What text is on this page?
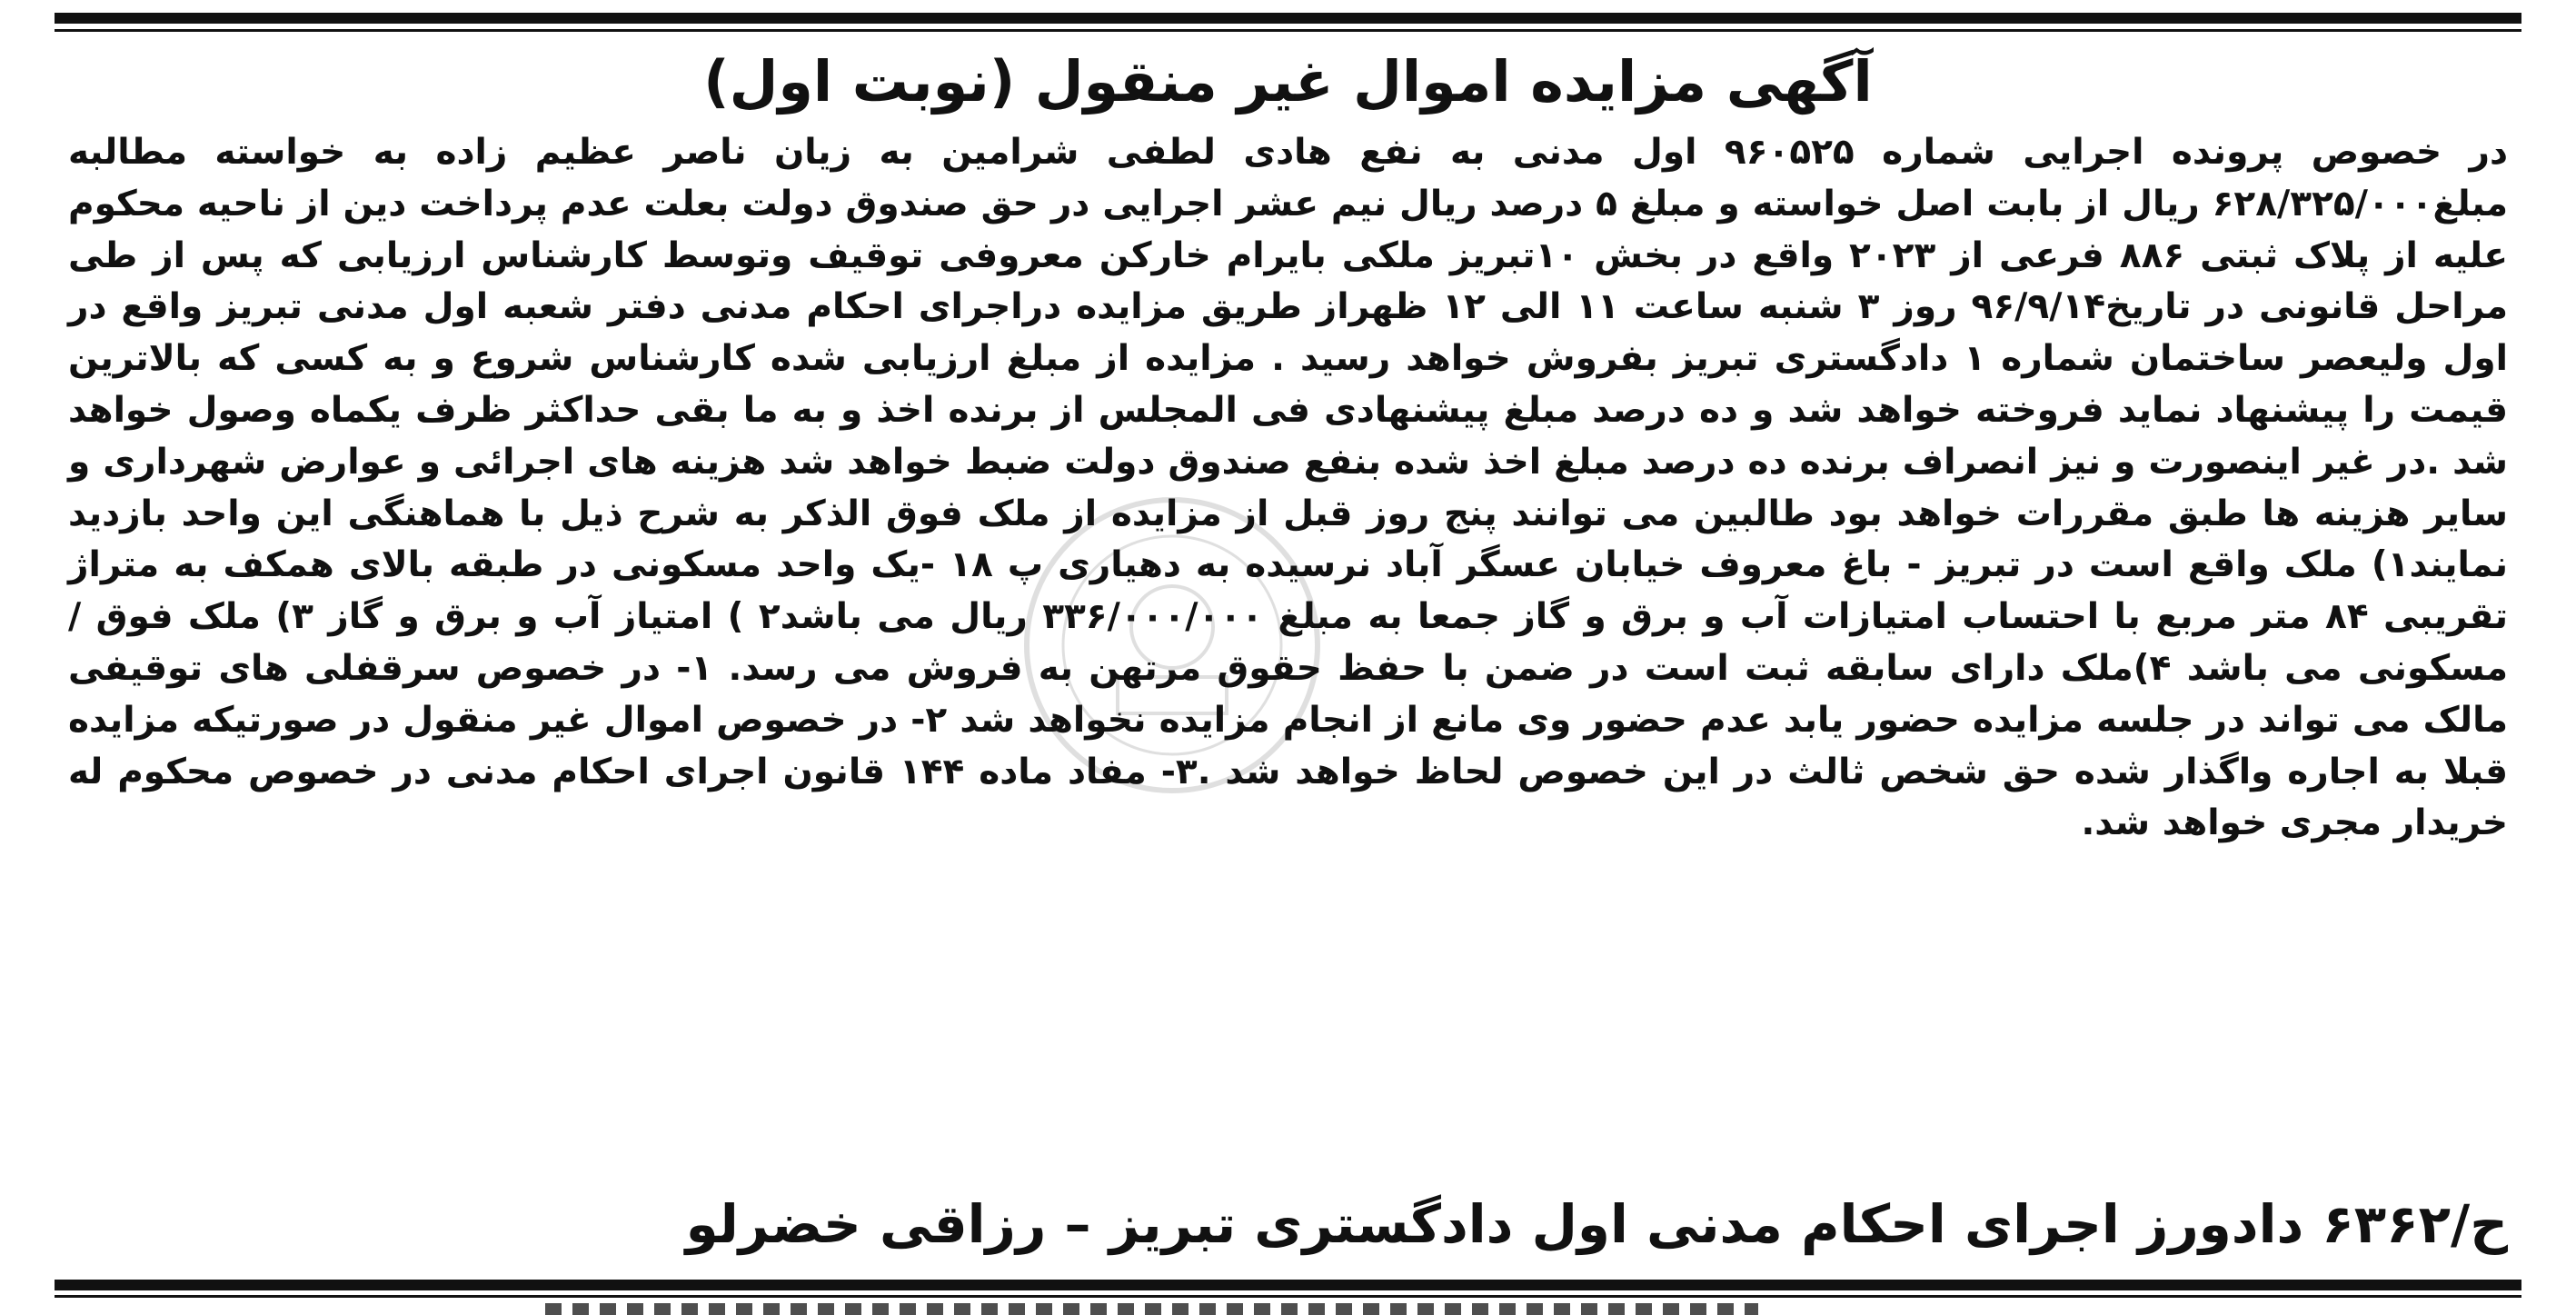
آگهی مزایده اموال غیر منقول (نوبت اول)

در خصوص پرونده اجرایی شماره ۹۶۰۵۲۵ اول مدنی به نفع هادی لطفی شرامین به زیان ناصر عظیم زاده به خواسته مطالبه مبلغ۶۲۸/۳۲۵/۰۰۰ ریال از بابت اصل خواسته و مبلغ ۵ درصد ریال نیم عشر اجرایی در حق صندوق دولت بعلت عدم پرداخت دین از ناحیه محکوم علیه از پلاک ثبتی ۸۸۶ فرعی از ۲۰۲۳ واقع در بخش ۱۰تبریز ملکی بایرام خارکن معروفی توقیف وتوسط کارشناس ارزیابی که پس از طی مراحل قانونی در تاریخ۹۶/۹/۱۴ روز ۳ شنبه ساعت ۱۱ الی ۱۲ ظهراز طریق مزایده دراجرای احکام مدنی دفتر شعبه اول مدنی تبریز واقع در اول ولیعصر ساختمان شماره ۱ دادگستری تبریز بفروش خواهد رسید . مزایده از مبلغ ارزیابی شده کارشناس شروع و به کسی که بالاترین قیمت را پیشنهاد نماید فروخته خواهد شد و ده درصد مبلغ پیشنهادی فی المجلس از برنده اخذ و به ما بقی حداکثر ظرف یکماه وصول خواهد شد .در غیر اینصورت و نیز انصراف برنده ده درصد مبلغ اخذ شده بنفع صندوق دولت ضبط خواهد شد هزینه های اجرائی و عوارض شهرداری و سایر هزینه ها طبق مقررات خواهد بود طالبین می توانند پنج روز قبل از مزایده از ملک فوق الذکر به شرح ذیل با هماهنگی این واحد بازدید نمایند۱) ملک واقع است در تبریز - باغ معروف خیابان عسگر آباد نرسیده به دهیاری پ ۱۸ -یک واحد مسکونی در طبقه بالای همکف به متراژ تقریبی ۸۴ متر مربع با احتساب امتیازات آب و برق و گاز جمعا به مبلغ ۳۳۶/۰۰۰/۰۰۰ ریال می باشد۲ ) امتیاز آب و برق و گاز ۳) ملک فوق /مسکونی می باشد ۴)ملک دارای سابقه ثبت است در ضمن با حفظ حقوق مرتهن به فروش می رسد. ۱- در خصوص سرقفلی های توقیفی مالک می تواند در جلسه مزایده حضور یابد عدم حضور وی مانع از انجام مزایده نخواهد شد ۲- در خصوص اموال غیر منقول در صورتیکه مزایده قبلا به اجاره واگذار شده حق شخص ثالث در این خصوص لحاظ خواهد شد .۳- مفاد ماده ۱۴۴ قانون اجرای احکام مدنی در خصوص محکوم له خریدار مجری خواهد شد.

ح/۶۳۶۲ دادورز اجرای احکام مدنی اول دادگستری تبریز – رزاقی خضرلو
